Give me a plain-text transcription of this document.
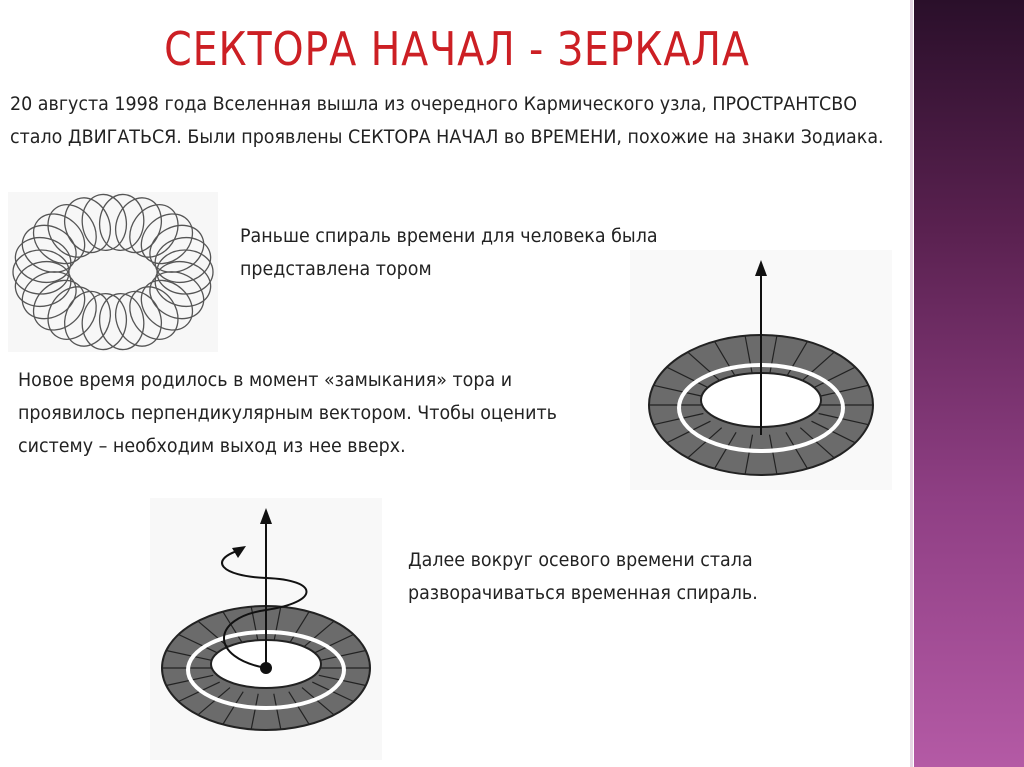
СЕКТОРА НАЧАЛ - ЗЕРКАЛА
20 августа 1998 года Вселенная вышла из очередного Кармического узла, ПРОСТРАНТСВО стало ДВИГАТЬСЯ. Были проявлены СЕКТОРА НАЧАЛ во ВРЕМЕНИ, похожие на знаки Зодиака.
Раньше спираль времени для человека была представлена тором
Новое время родилось в момент «замыкания» тора и проявилось перпендикулярным вектором. Чтобы оценить систему – необходим выход из нее вверх.
Далее вокруг осевого времени стала разворачиваться временная спираль.
